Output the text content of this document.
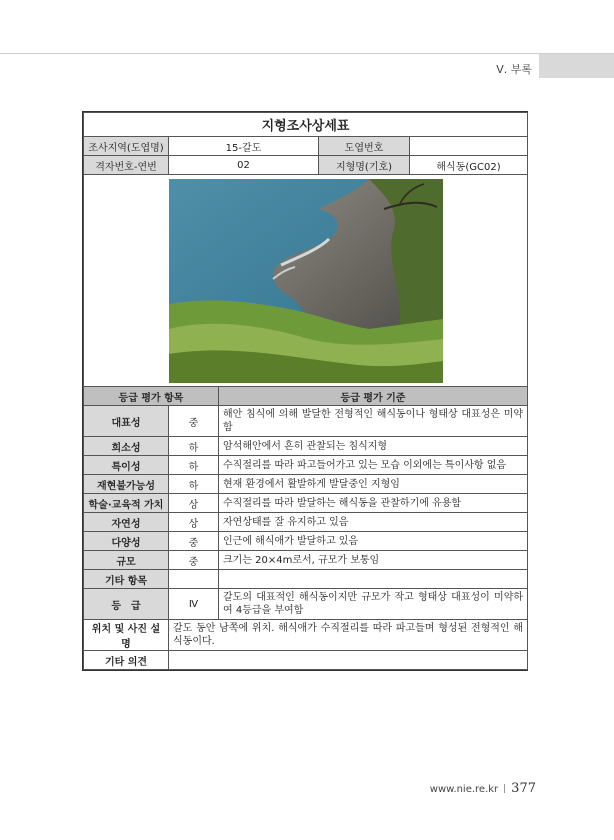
Ⅴ. 부록
지형조사상세표				
조사지역(도엽명)	15-갈도		도엽번호	
격자번호-연번	02		지형명(기호)	해식동(GC02)

등급 평가 항목		등급 평가 기준		
대표성	중	해안 침식에 의해 발달한 전형적인 해식동이나 형태상 대표성은 미약함		
희소성	하	암석해안에서 흔히 관찰되는 침식지형		
특이성	하	수직절리를 따라 파고들어가고 있는 모습 이외에는 특이사항 없음		
재현불가능성	하	현재 환경에서 활발하게 발달중인 지형임		
학술·교육적 가치	상	수직절리를 따라 발달하는 해식동을 관찰하기에 유용함		
자연성	상	자연상태를 잘 유지하고 있음		
다양성	중	인근에 해식애가 발달하고 있음		
규모	중	크기는 20×4m로서, 규모가 보통임		
기타 항목				
등　급	Ⅳ	갈도의 대표적인 해식동이지만 규모가 작고 형태상 대표성이 미약하여 4등급을 부여함		
위치 및 사진 설명	갈도 동안 남쪽에 위치. 해식애가 수직절리를 따라 파고들며 형성된 전형적인 해식동이다.			
기타 의견				
www.nie.re.kr 377
